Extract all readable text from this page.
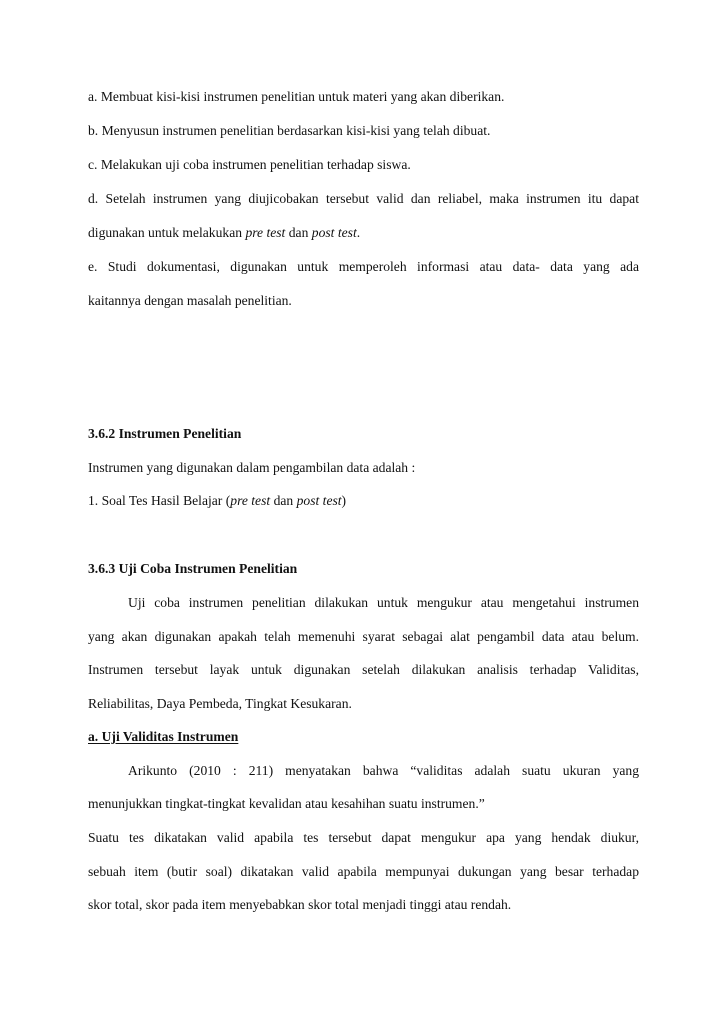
a. Membuat kisi-kisi instrumen penelitian untuk materi yang akan diberikan.
b. Menyusun instrumen penelitian berdasarkan kisi-kisi yang telah dibuat.
c. Melakukan uji coba instrumen penelitian terhadap siswa.
d. Setelah instrumen yang diujicobakan tersebut valid dan reliabel, maka instrumen itu dapat
digunakan untuk melakukan pre test dan post test.
e. Studi dokumentasi, digunakan untuk memperoleh informasi atau data- data yang ada
kaitannya dengan masalah penelitian.
3.6.2 Instrumen Penelitian
Instrumen yang digunakan dalam pengambilan data adalah :
1. Soal Tes Hasil Belajar (pre test dan post test)
3.6.3 Uji Coba Instrumen Penelitian
Uji coba instrumen penelitian dilakukan untuk mengukur atau mengetahui instrumen
yang akan digunakan apakah telah memenuhi syarat sebagai alat pengambil data atau belum.
Instrumen tersebut layak untuk digunakan setelah dilakukan analisis terhadap Validitas,
Reliabilitas, Daya Pembeda, Tingkat Kesukaran.
a. Uji Validitas Instrumen
Arikunto (2010 : 211) menyatakan bahwa “validitas adalah suatu ukuran yang
menunjukkan tingkat-tingkat kevalidan atau kesahihan suatu instrumen.”
Suatu tes dikatakan valid apabila tes tersebut dapat mengukur apa yang hendak diukur,
sebuah item (butir soal) dikatakan valid apabila mempunyai dukungan yang besar terhadap
skor total, skor pada item menyebabkan skor total menjadi tinggi atau rendah.
